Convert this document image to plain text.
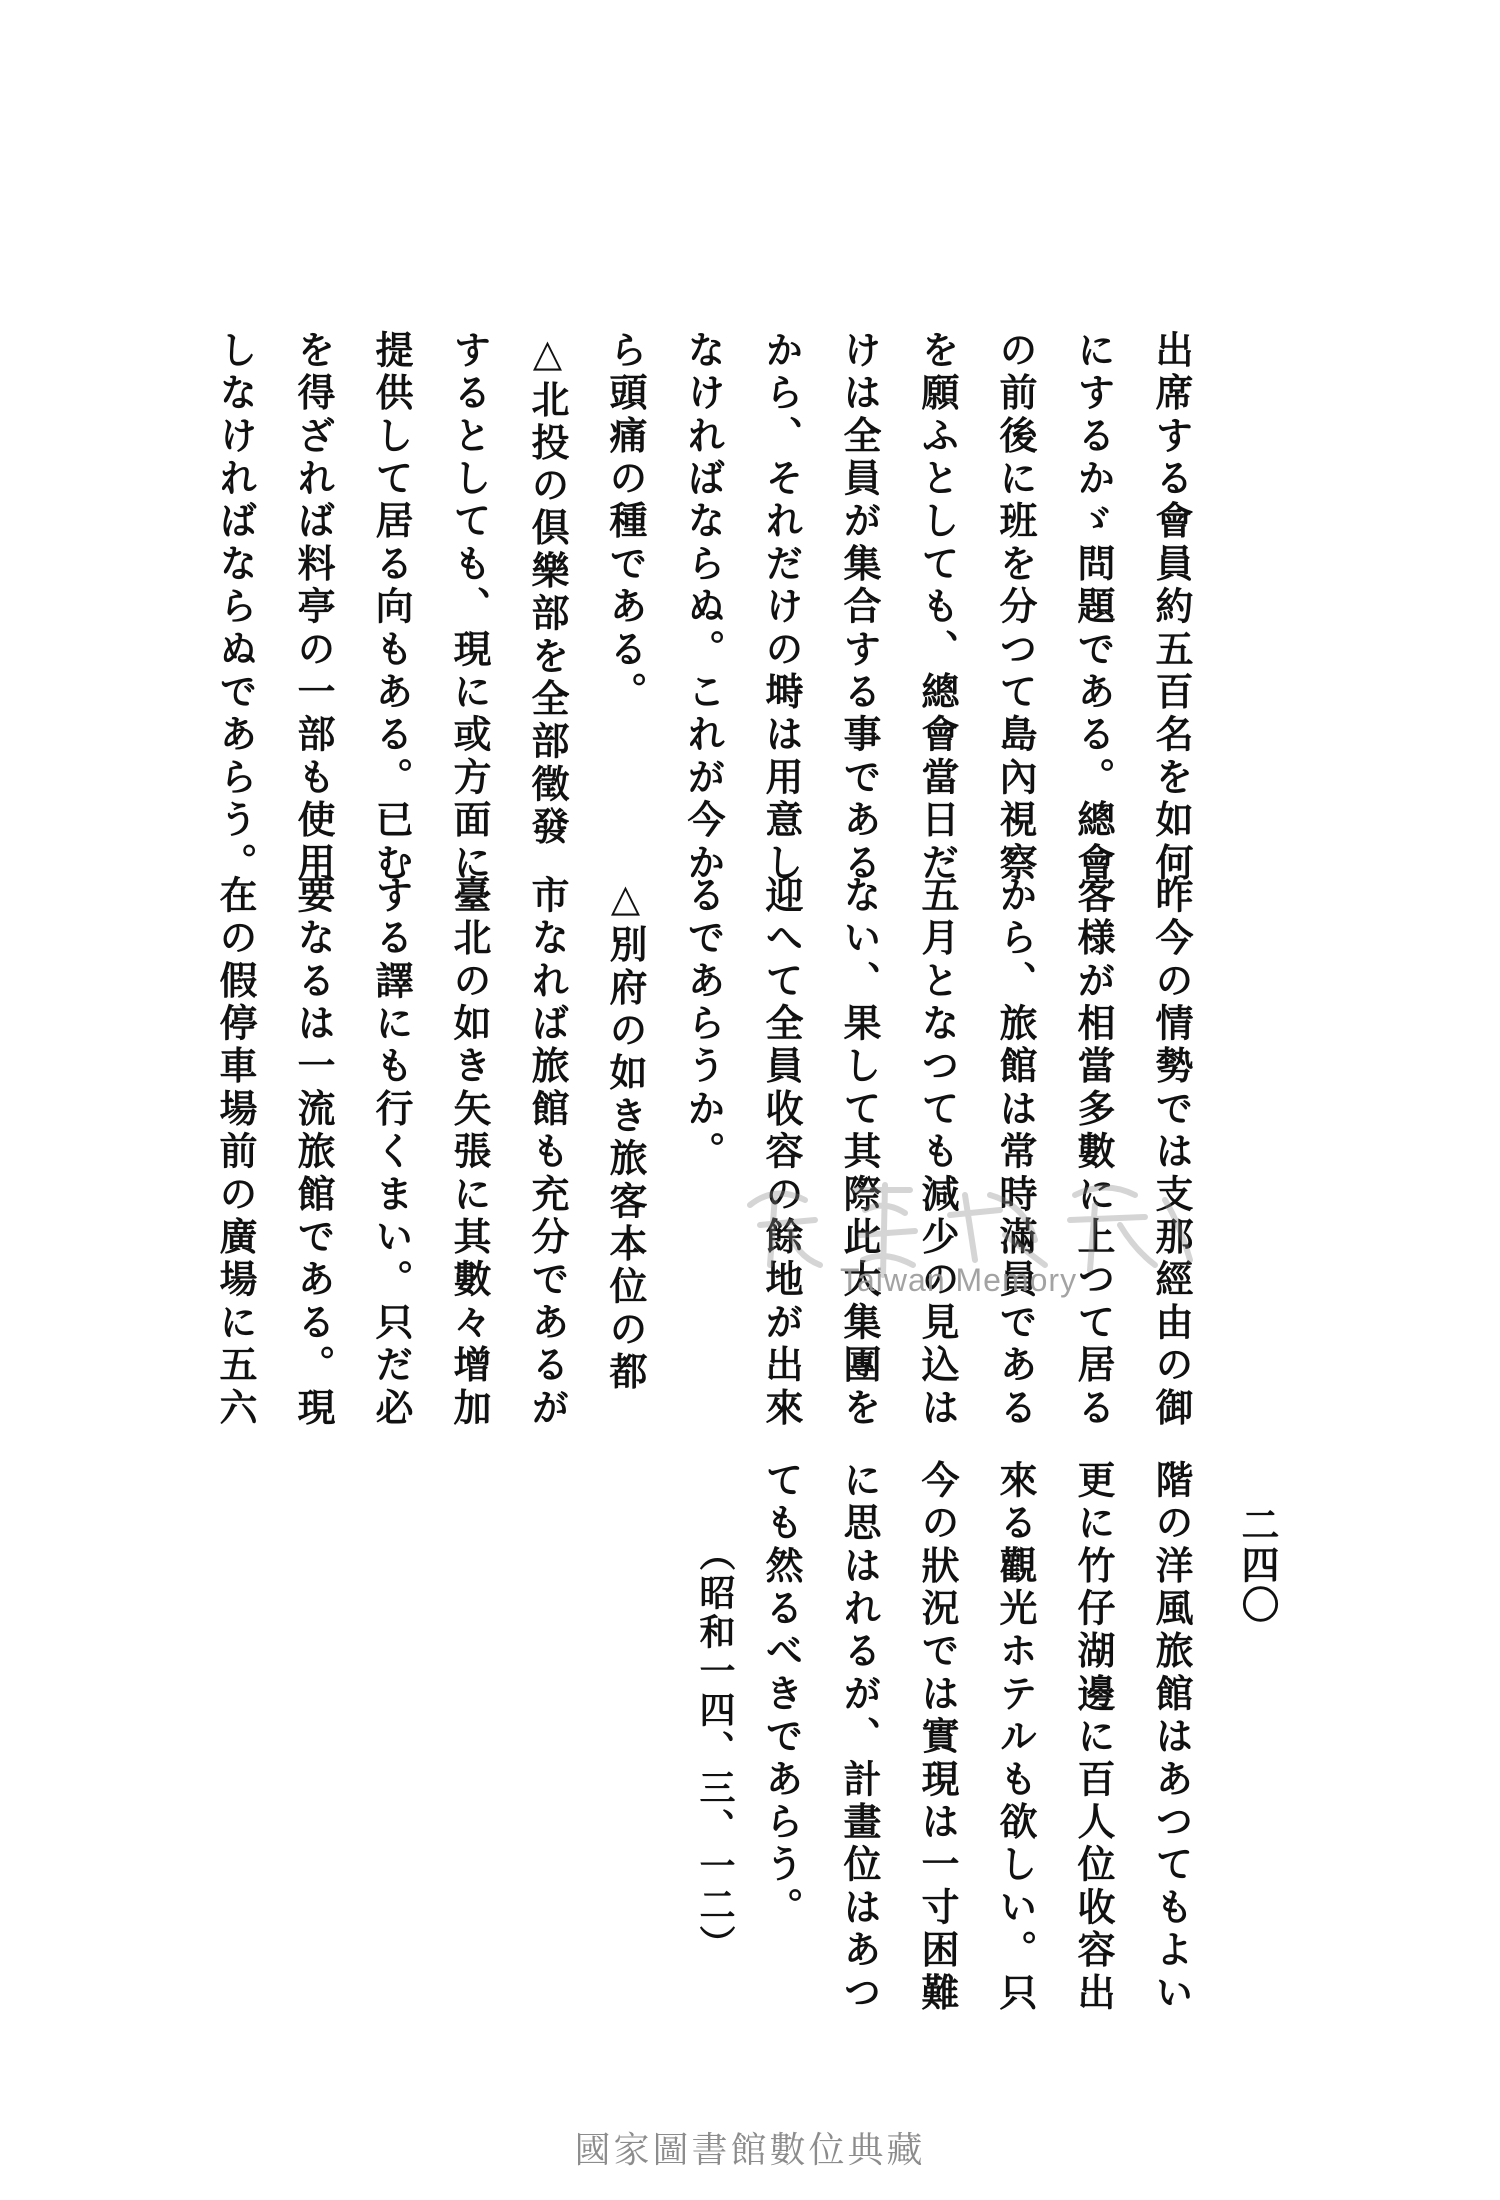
二四〇
出席する會員約五百名を如何
にするかゞ問題である。總會
の前後に班を分つて島內視察
を願ふとしても、總會當日だ
けは全員が集合する事である
から、それだけの塒は用意し
なければならぬ。これが今か
ら頭痛の種である。
△北投の倶樂部を全部徵發
するとしても、現に或方面に
提供して居る向もある。已む
を得ざれば料亭の一部も使用
しなければならぬであらう。
昨今の情勢では支那經由の御
客様が相當多數に上つて居る
から、旅館は常時滿員である
五月となつても減少の見込は
ない、果して其際此大集團を
迎へて全員收容の餘地が出來
るであらうか。
△別府の如き旅客本位の都
市なれば旅館も充分であるが
臺北の如き矢張に其數々增加
する譯にも行くまい。只だ必
要なるは一流旅館である。現
在の假停車場前の廣場に五六
階の洋風旅館はあつてもよい
更に竹仔湖邊に百人位收容出
來る觀光ホテルも欲しい。只
今の狀況では實現は一寸困難
に思はれるが、計畫位はあつ
ても然るべきであらう。
（昭和一四、三、一二）
Taiwan Memory
國家圖書館數位典藏
